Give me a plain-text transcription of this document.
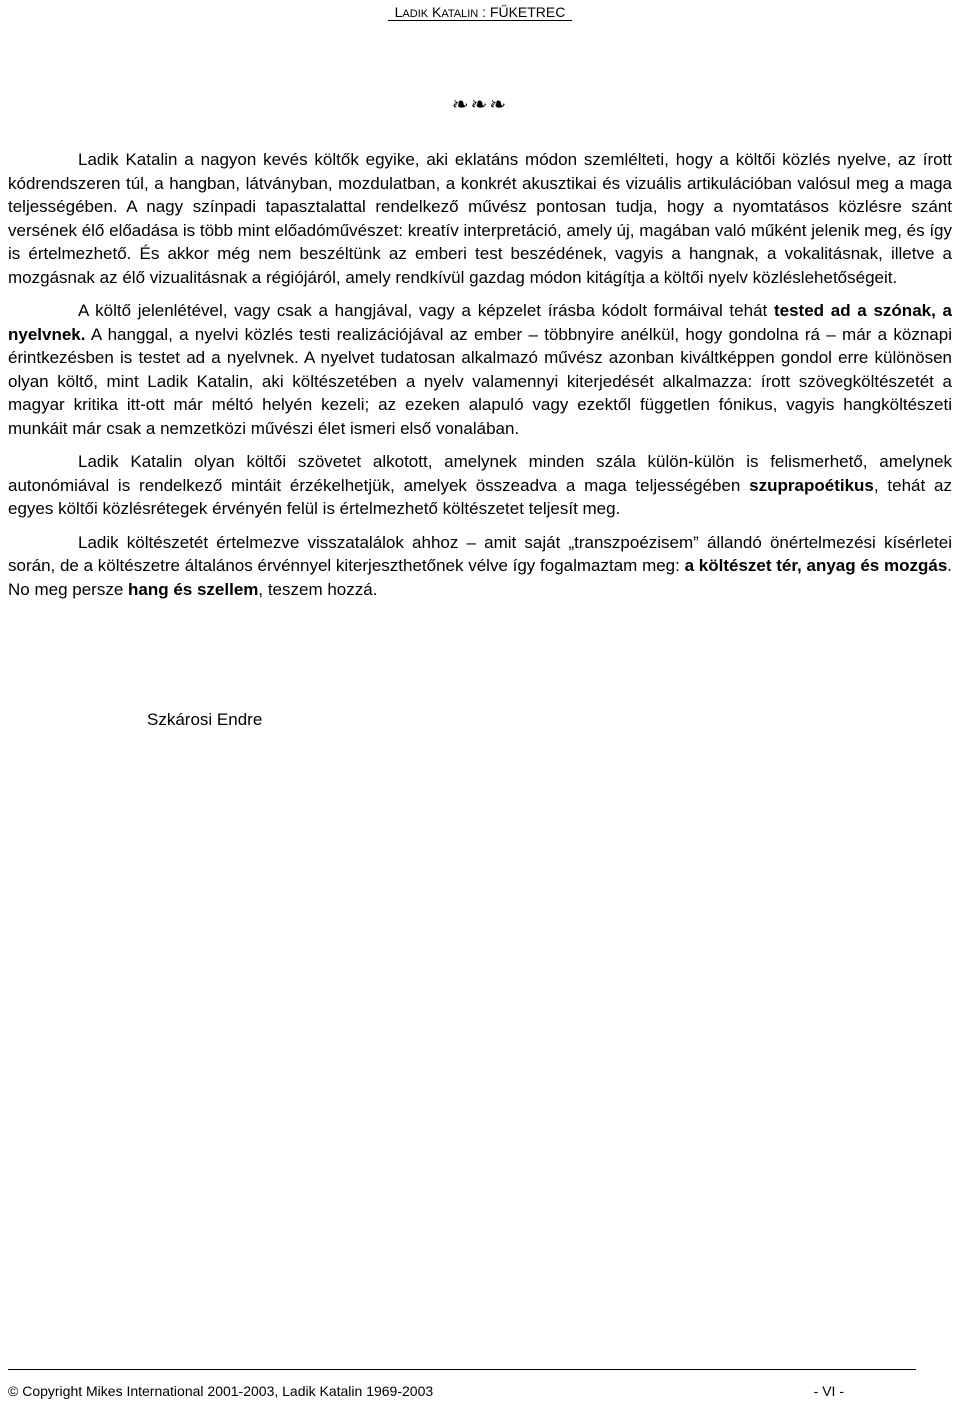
LADIK KATALIN : FŰKETREC
❧❧❧

Ladik Katalin a nagyon kevés költők egyike, aki eklatáns módon szemlélteti, hogy a költői közlés nyelve, az írott kódrendszeren túl, a hangban, látványban, mozdulatban, a konkrét akusztikai és vizuális artikulációban valósul meg a maga teljességében. A nagy színpadi tapasztalattal rendelkező művész pontosan tudja, hogy a nyomtatásos közlésre szánt versének élő előadása is több mint előadóművészet: kreatív interpretáció, amely új, magában való műként jelenik meg, és így is értelmezhető. És akkor még nem beszéltünk az emberi test beszédének, vagyis a hangnak, a vokalitásnak, illetve a mozgásnak az élő vizualitásnak a régiójáról, amely rendkívül gazdag módon kitágítja a költői nyelv közléslehetőségeit.

A költő jelenlétével, vagy csak a hangjával, vagy a képzelet írásba kódolt formáival tehát tested ad a szónak, a nyelvnek. A hanggal, a nyelvi közlés testi realizációjával az ember – többnyire anélkül, hogy gondolna rá – már a köznapi érintkezésben is testet ad a nyelvnek. A nyelvet tudatosan alkalmazó művész azonban kiváltképpen gondol erre különösen olyan költő, mint Ladik Katalin, aki költészetében a nyelv valamennyi kiterjedését alkalmazza: írott szövegköltészetét a magyar kritika itt-ott már méltó helyén kezeli; az ezeken alapuló vagy ezektől független fónikus, vagyis hangköltészeti munkáit már csak a nemzetközi művészi élet ismeri első vonalában.

Ladik Katalin olyan költői szövetet alkotott, amelynek minden szála külön-külön is felismerhető, amelynek autonómiával is rendelkező mintáit érzékelhetjük, amelyek összeadva a maga teljességében szuprapoétikus, tehát az egyes költői közlésrétegek érvényén felül is értelmezhető költészetet teljesít meg.

Ladik költészetét értelmezve visszatalálok ahhoz – amit saját „transzpoézisem” állandó önértelmezési kísérletei során, de a költészetre általános érvénnyel kiterjeszthetőnek vélve így fogalmaztam meg: a költészet tér, anyag és mozgás. No meg persze hang és szellem, teszem hozzá.

Szkárosi Endre
© Copyright Mikes International 2001-2003, Ladik Katalin 1969-2003	- VI -
